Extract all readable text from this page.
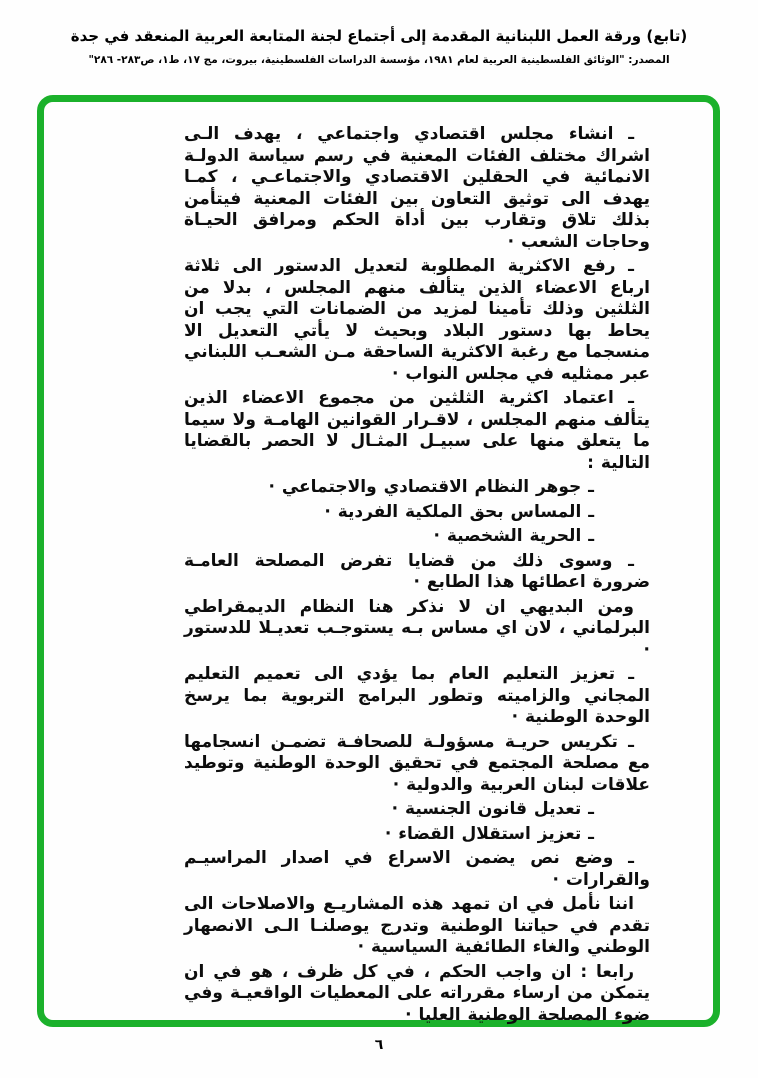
(تابع) ورقة العمل اللبنانية المقدمة إلى أجتماع لجنة المتابعة العربية المنعقد في جدة
المصدر: "الوثائق الفلسطينية العربية لعام ١٩٨١، مؤسسة الدراسات الفلسطينية، بيروت، مج ١٧، ط١، ص٢٨٣- ٢٨٦"

ـ انشاء مجلس اقتصادي واجتماعي ، يهدف الـى اشراك مختلف الفئات المعنية في رسم سياسة الدولـة الانمائية في الحقلين الاقتصادي والاجتماعـي ، كمـا يهدف الى توثيق التعاون بين الفئات المعنية فيتأمن بذلك تلاق وتقارب بين أداة الحكم ومرافق الحيـاة وحاجات الشعب ·

ـ رفع الاكثرية المطلوبة لتعديل الدستور الى ثلاثة ارباع الاعضاء الذين يتألف منهم المجلس ، بدلا من الثلثين وذلك تأمينا لمزيد من الضمانات التي يجب ان يحاط بها دستور البلاد وبحيث لا يأتي التعديل الا منسجما مع رغبة الاكثرية الساحقة مـن الشعـب اللبناني عبر ممثليه في مجلس النواب ·

ـ اعتماد اكثرية الثلثين من مجموع الاعضاء الذين يتألف منهم المجلس ، لاقـرار القوانين الهامـة ولا سيما ما يتعلق منها على سبيـل المثـال لا الحصر بالقضايا التالية :

ـ جوهر النظام الاقتصادي والاجتماعي ·

ـ المساس بحق الملكية الفردية ·

ـ الحرية الشخصية ·

ـ وسوى ذلك من قضايا تفرض المصلحة العامـة ضرورة اعطائها هذا الطابع ·

ومن البديهي ان لا نذكر هنا النظام الديمقراطي البرلماني ، لان اي مساس بـه يستوجـب تعديـلا للدستور ·

ـ تعزيز التعليم العام بما يؤدي الى تعميم التعليم المجاني والزاميته وتطور البرامج التربوية بما يرسخ الوحدة الوطنية ·

ـ تكريس حريـة مسؤولـة للصحافـة تضمـن انسجامها مع مصلحة المجتمع في تحقيق الوحدة الوطنية وتوطيد علاقات لبنان العربية والدولية ·

ـ تعديل قانون الجنسية ·

ـ تعزيز استقلال القضاء ·

ـ وضع نص يضمن الاسراع في اصدار المراسيـم والقرارات ·

اننا نأمل في ان تمهد هذه المشاريـع والاصلاحات الى تقدم في حياتنا الوطنية وتدرج يوصلنـا الـى الانصهار الوطني والغاء الطائفية السياسية ·

رابعا : ان واجب الحكم ، في كل ظرف ، هو في ان يتمكن من ارساء مقرراته على المعطيات الواقعيـة وفي ضوء المصلحة الوطنية العليا ·

٦
